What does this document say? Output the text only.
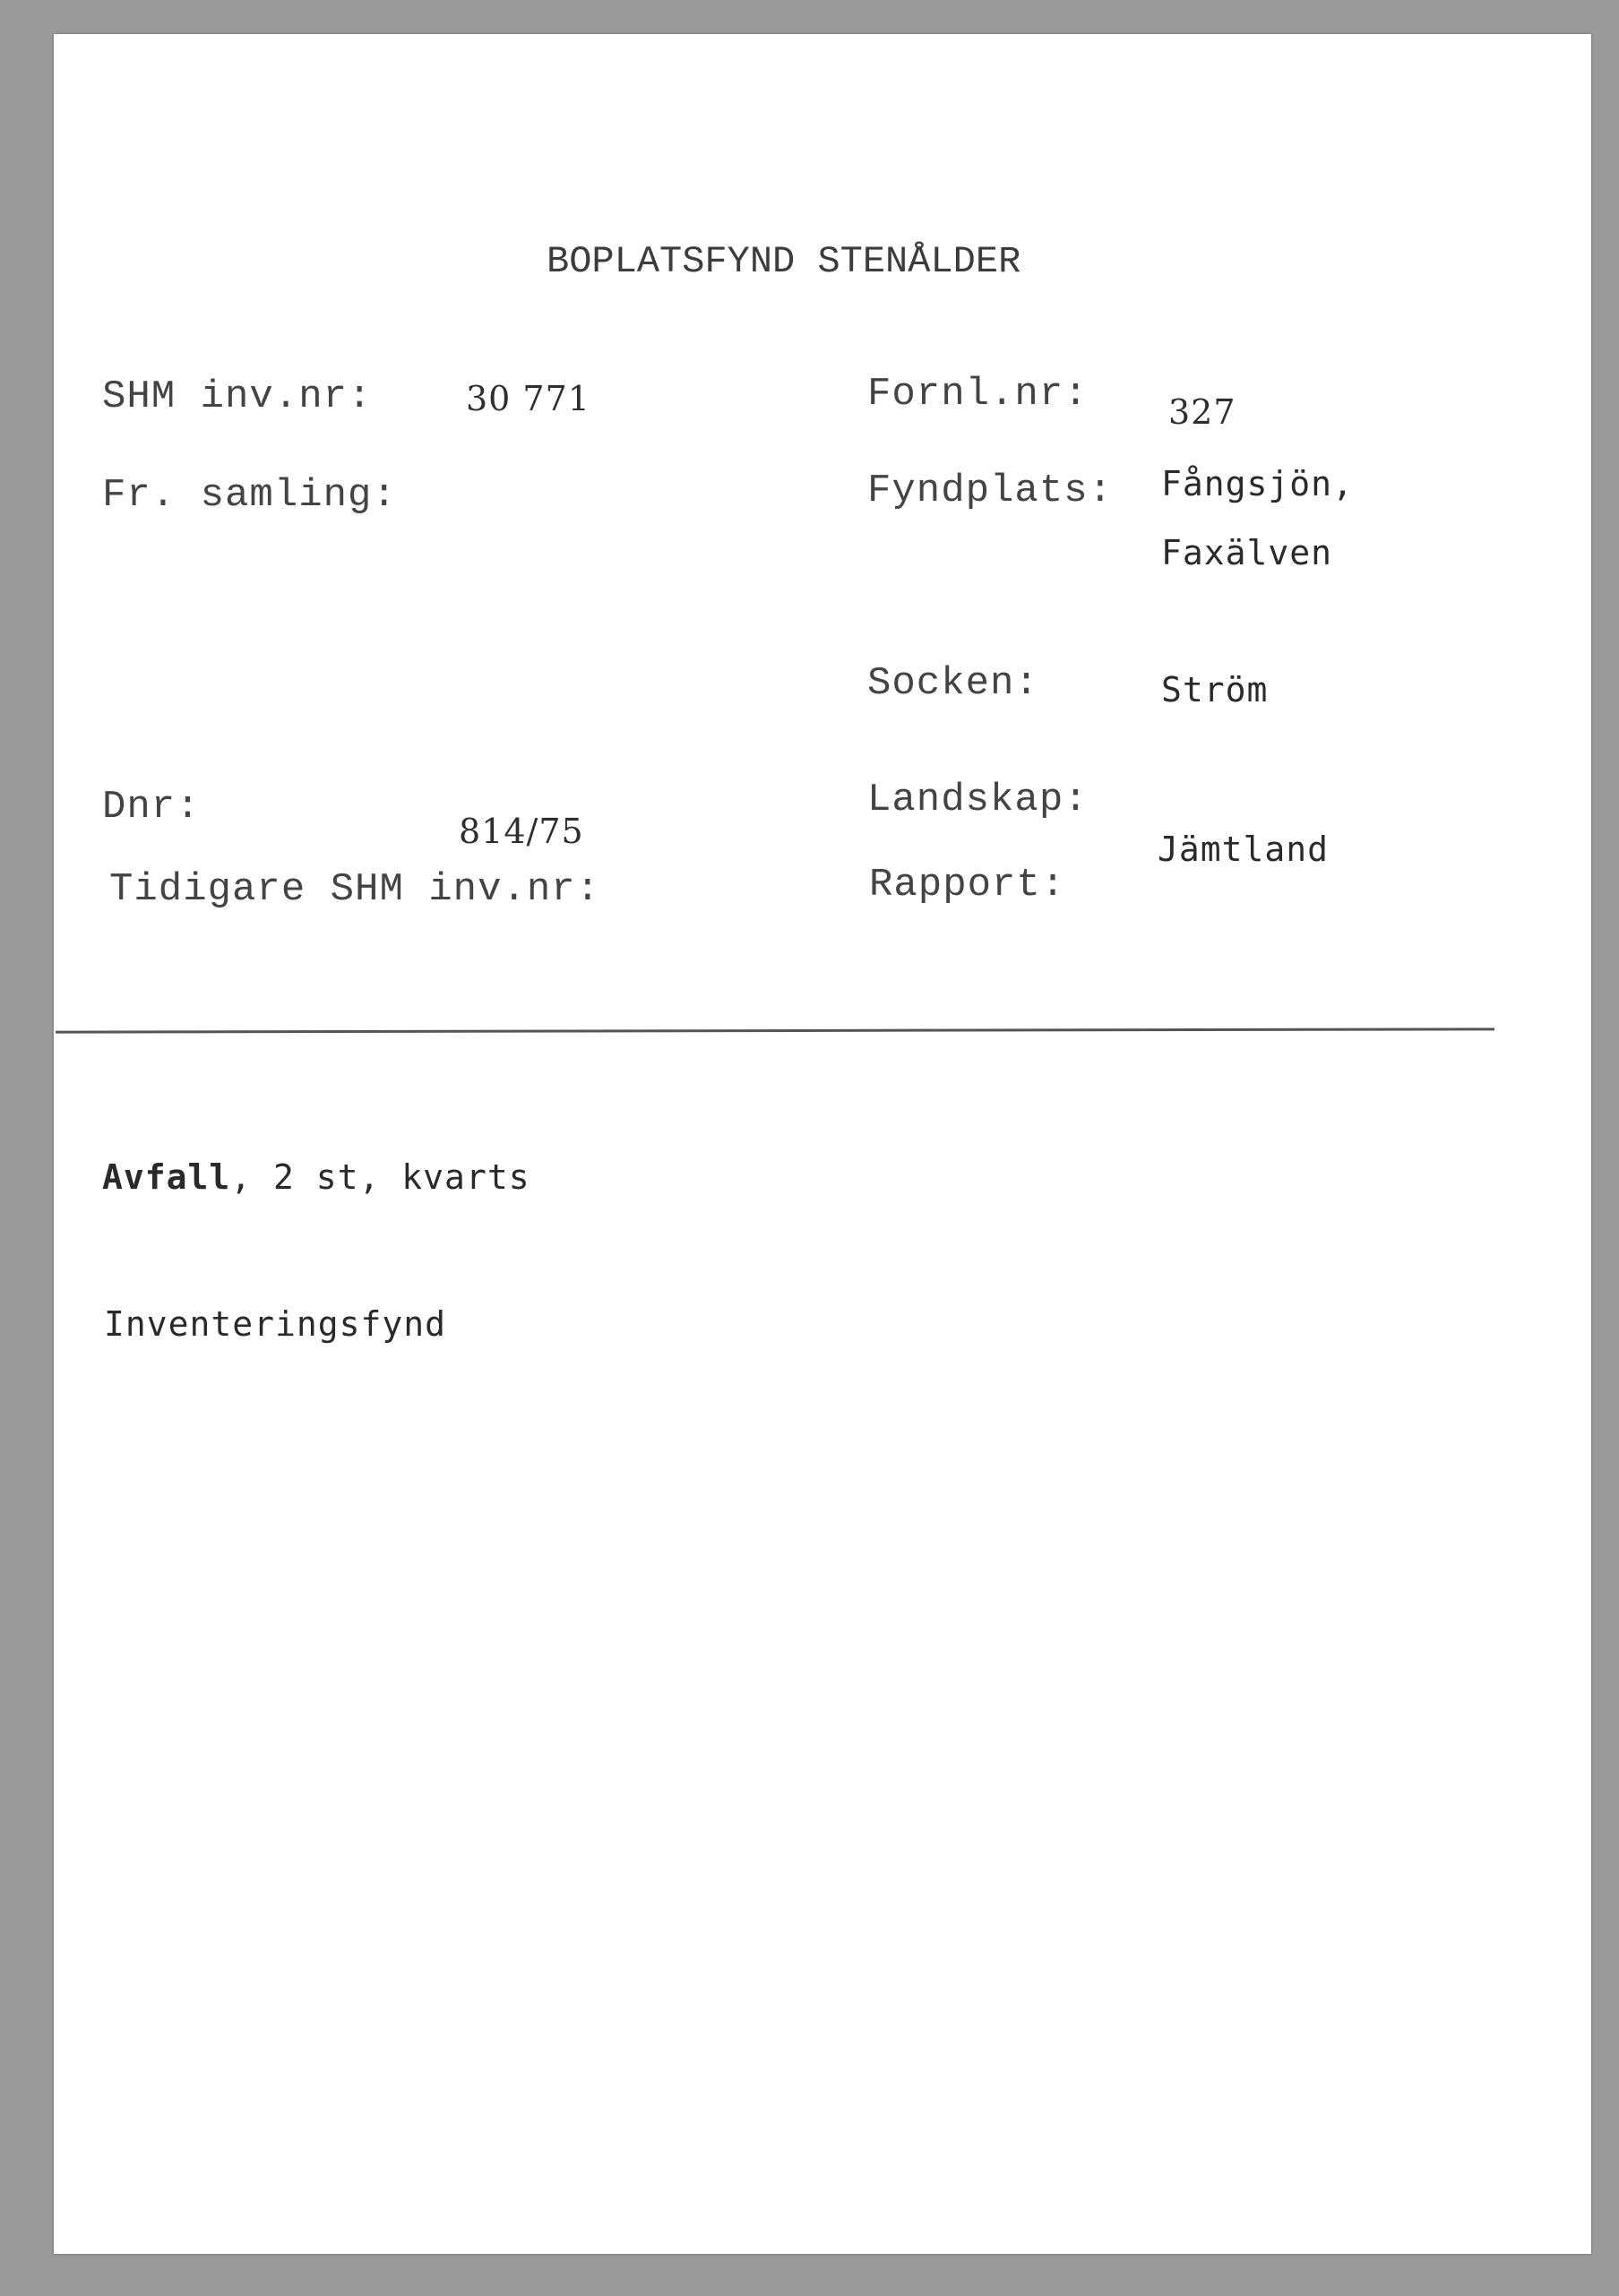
BOPLATSFYND STENÅLDER
SHM inv.nr:	30 771	Fornl.nr: 327
Fr. samling:	Fyndplats: Fångsjön,
Faxälven
Socken:	Ström
Dnr:
814/75
Landskap:
Jämtland
Tidigare SHM inv.nr:	Rapport:
Avfall, 2 st, kvarts
Inventeringsfynd
